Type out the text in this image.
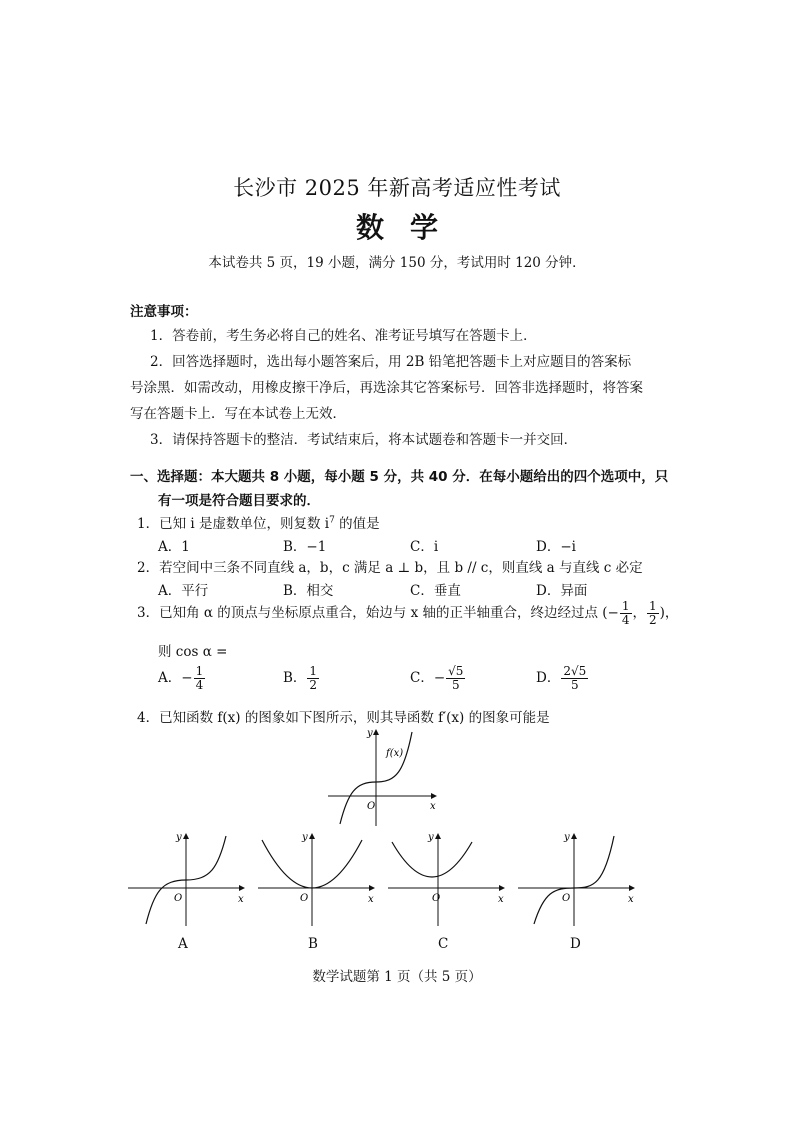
长沙市 2025 年新高考适应性考试
数学
本试卷共 5 页，19 小题，满分 150 分，考试用时 120 分钟．
注意事项：
1．答卷前，考生务必将自己的姓名、准考证号填写在答题卡上．
2．回答选择题时，选出每小题答案后，用 2B 铅笔把答题卡上对应题目的答案标
号涂黑．如需改动，用橡皮擦干净后，再选涂其它答案标号．回答非选择题时，将答案
写在答题卡上．写在本试卷上无效．
3．请保持答题卡的整洁．考试结束后，将本试题卷和答题卡一并交回．
一、选择题：本大题共 8 小题，每小题 5 分，共 40 分．在每小题给出的四个选项中，只
有一项是符合题目要求的．
1．已知 i 是虚数单位，则复数 $i^7$ 的值是
A．1	B．−1	C．i	D．−i
2．若空间中三条不同直线 a，b，c 满足 a ⊥ b，且 b // c，则直线 a 与直线 c 必定
A．平行	B．相交	C．垂直	D．异面
3．已知角 α 的顶点与坐标原点重合，始边与 x 轴的正半轴重合，终边经过点 (− $\frac{1}{4}$ ， $\frac{1}{2}$ )，
则 cos α =
A．− $\frac{1}{4}$	B． $\frac{1}{2}$	C．− $\frac{√5}{5}$	D． $\frac{2√5}{5}$
4．已知函数 f(x) 的图象如下图所示，则其导函数 f′(x) 的图象可能是
y
x
O
f(x)
y
x
O
A
y
x
O
B
y
x
O
C
y
x
O
D
数学试题第 1 页（共 5 页）
